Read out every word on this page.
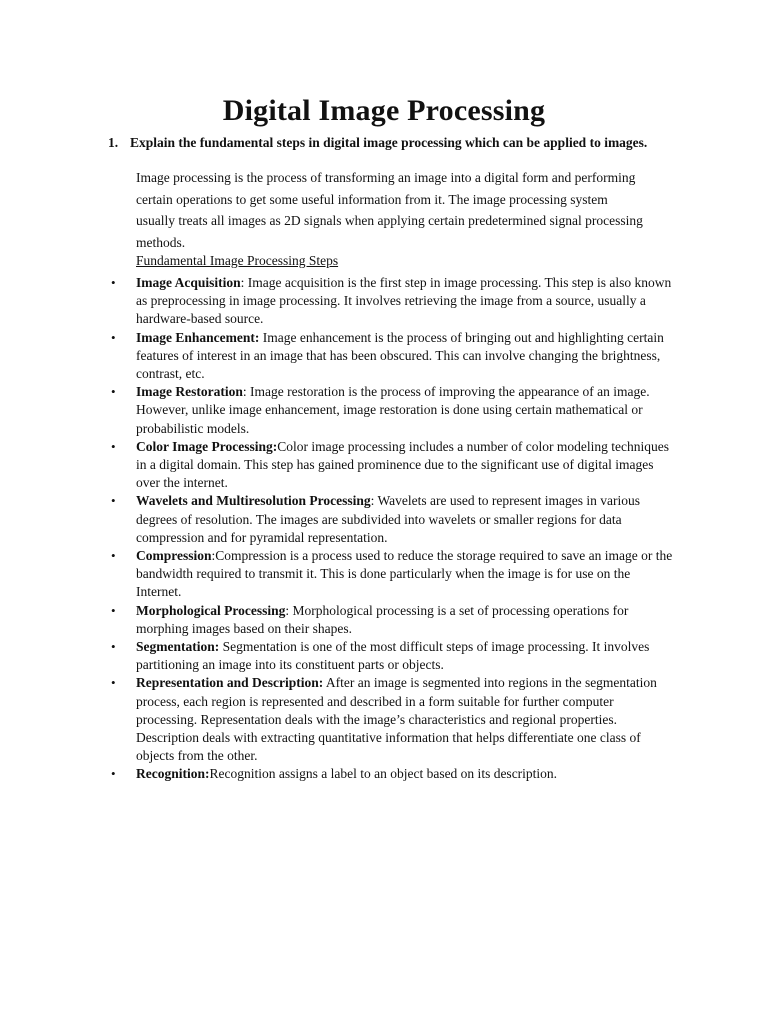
Digital Image Processing
1. Explain the fundamental steps in digital image processing which can be applied to images.
Image processing is the process of transforming an image into a digital form and performing certain operations to get some useful information from it. The image processing system usually treats all images as 2D signals when applying certain predetermined signal processing methods.
Fundamental Image Processing Steps
• Image Acquisition: Image acquisition is the first step in image processing. This step is also known as preprocessing in image processing. It involves retrieving the image from a source, usually a hardware-based source.
• Image Enhancement: Image enhancement is the process of bringing out and highlighting certain features of interest in an image that has been obscured. This can involve changing the brightness, contrast, etc.
• Image Restoration: Image restoration is the process of improving the appearance of an image. However, unlike image enhancement, image restoration is done using certain mathematical or probabilistic models.
• Color Image Processing:Color image processing includes a number of color modeling techniques in a digital domain. This step has gained prominence due to the significant use of digital images over the internet.
• Wavelets and Multiresolution Processing: Wavelets are used to represent images in various degrees of resolution. The images are subdivided into wavelets or smaller regions for data compression and for pyramidal representation.
• Compression:Compression is a process used to reduce the storage required to save an image or the bandwidth required to transmit it. This is done particularly when the image is for use on the Internet.
• Morphological Processing: Morphological processing is a set of processing operations for morphing images based on their shapes.
• Segmentation: Segmentation is one of the most difficult steps of image processing. It involves partitioning an image into its constituent parts or objects.
• Representation and Description: After an image is segmented into regions in the segmentation process, each region is represented and described in a form suitable for further computer processing. Representation deals with the image’s characteristics and regional properties. Description deals with extracting quantitative information that helps differentiate one class of objects from the other.
• Recognition:Recognition assigns a label to an object based on its description.
